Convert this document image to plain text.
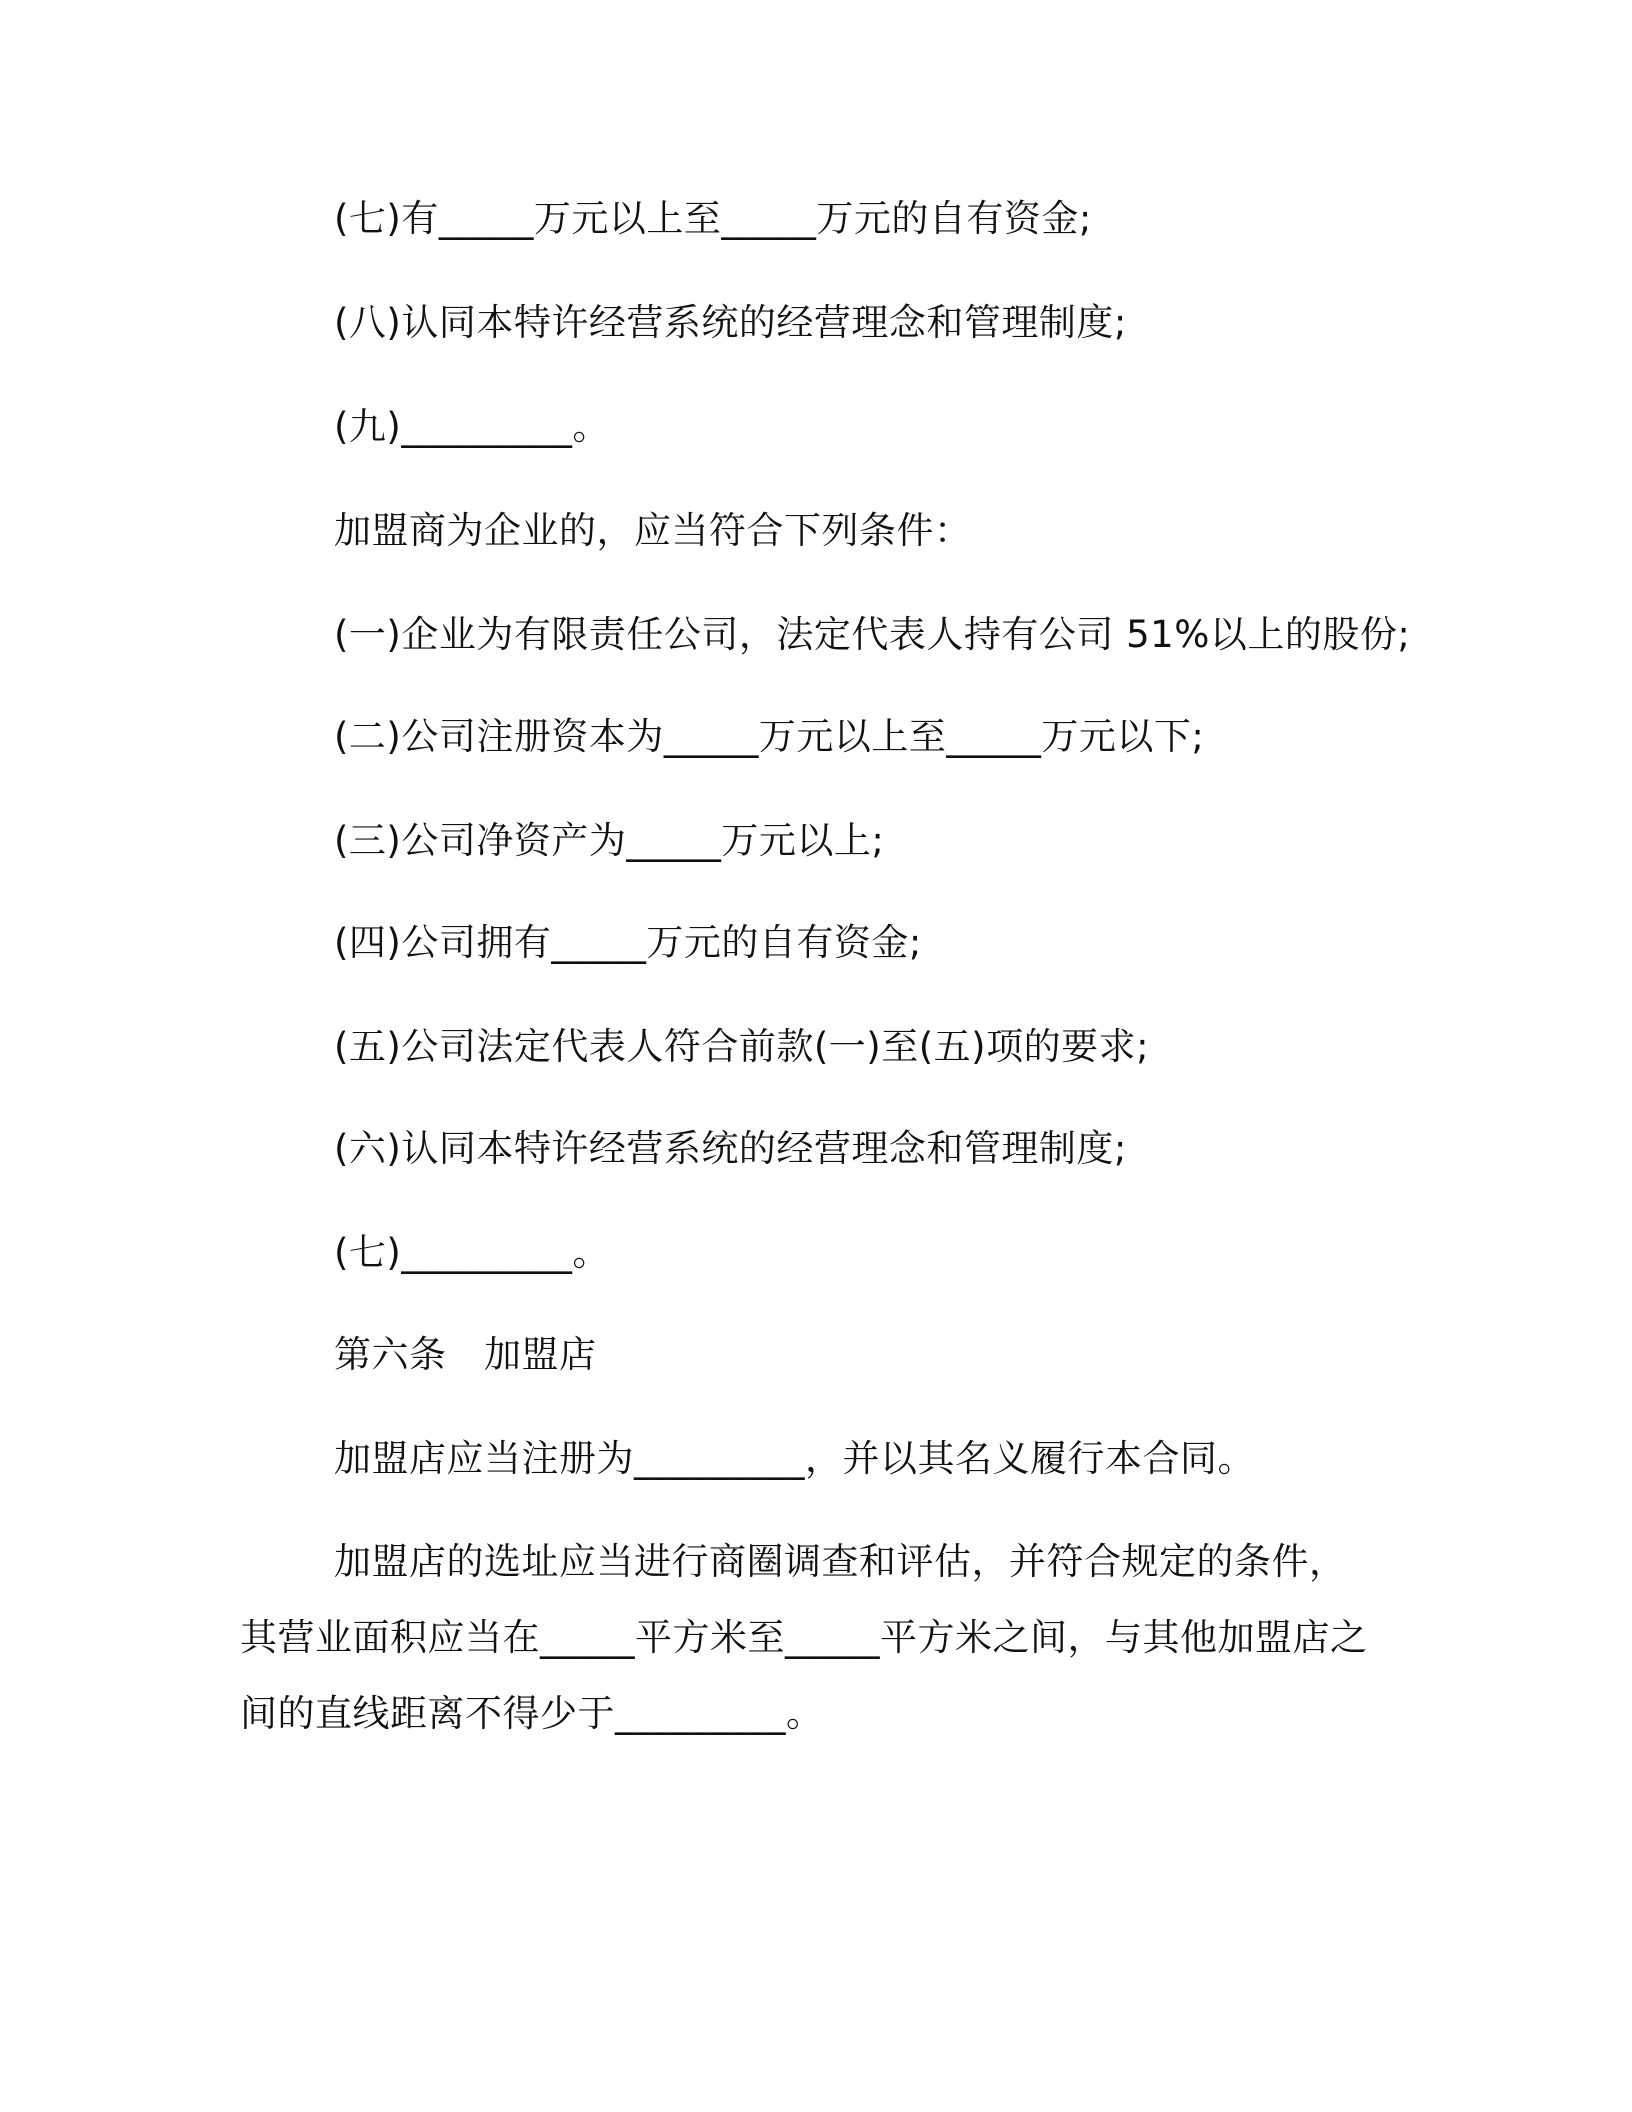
(七)有_____万元以上至_____万元的自有资金;
(八)认同本特许经营系统的经营理念和管理制度;
(九)_________。
加盟商为企业的，应当符合下列条件：
(一)企业为有限责任公司，法定代表人持有公司 51%以上的股份;
(二)公司注册资本为_____万元以上至_____万元以下;
(三)公司净资产为_____万元以上;
(四)公司拥有_____万元的自有资金;
(五)公司法定代表人符合前款(一)至(五)项的要求;
(六)认同本特许经营系统的经营理念和管理制度;
(七)_________。
第六条　加盟店
加盟店应当注册为_________，并以其名义履行本合同。
加盟店的选址应当进行商圈调查和评估，并符合规定的条件，其营业面积应当在_____平方米至_____平方米之间，与其他加盟店之间的直线距离不得少于_________。
